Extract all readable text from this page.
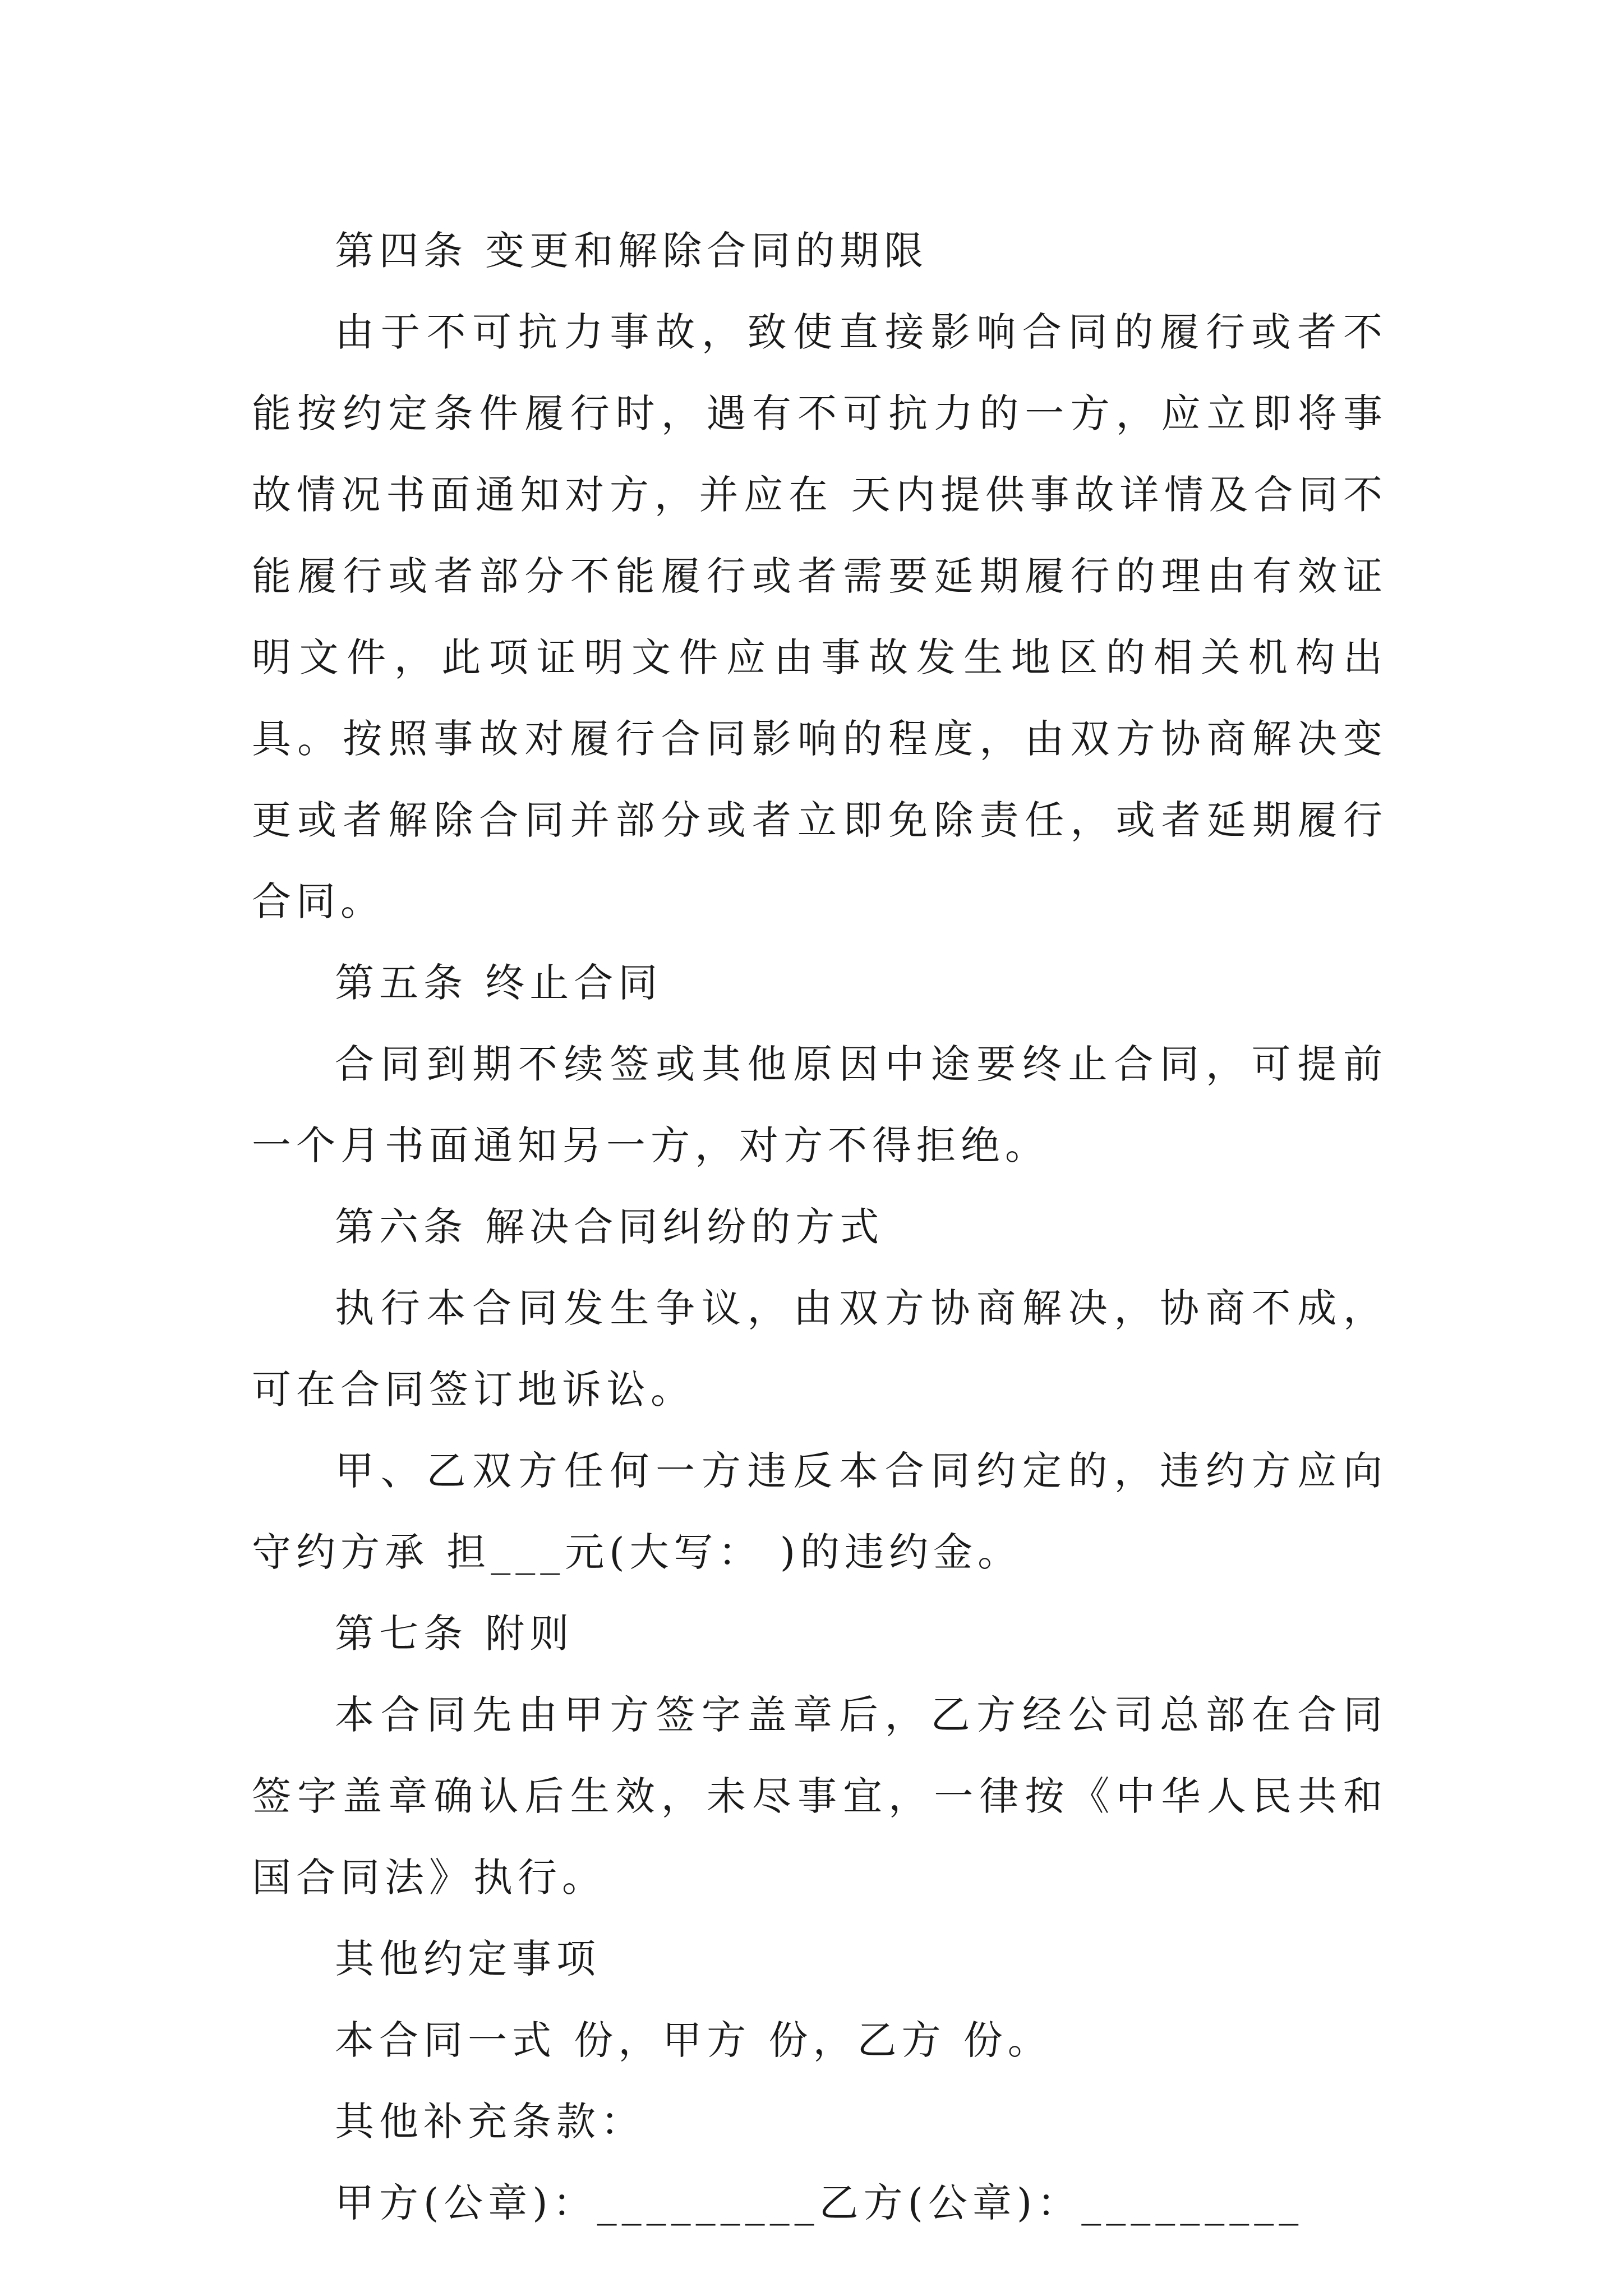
第四条 变更和解除合同的期限

由于不可抗力事故，致使直接影响合同的履行或者不能按约定条件履行时，遇有不可抗力的一方，应立即将事故情况书面通知对方，并应在 天内提供事故详情及合同不能履行或者部分不能履行或者需要延期履行的理由有效证明文件，此项证明文件应由事故发生地区的相关机构出具。按照事故对履行合同影响的程度，由双方协商解决变更或者解除合同并部分或者立即免除责任，或者延期履行合同。

第五条 终止合同

合同到期不续签或其他原因中途要终止合同，可提前一个月书面通知另一方，对方不得拒绝。

第六条 解决合同纠纷的方式

执行本合同发生争议，由双方协商解决，协商不成，可在合同签订地诉讼。

甲、乙双方任何一方违反本合同约定的，违约方应向守约方承 担___元(大写： )的违约金。

第七条 附则

本合同先由甲方签字盖章后，乙方经公司总部在合同签字盖章确认后生效，未尽事宜，一律按《中华人民共和国合同法》执行。

其他约定事项

本合同一式 份，甲方 份，乙方 份。

其他补充条款：

甲方(公章)：_________乙方(公章)：_________
